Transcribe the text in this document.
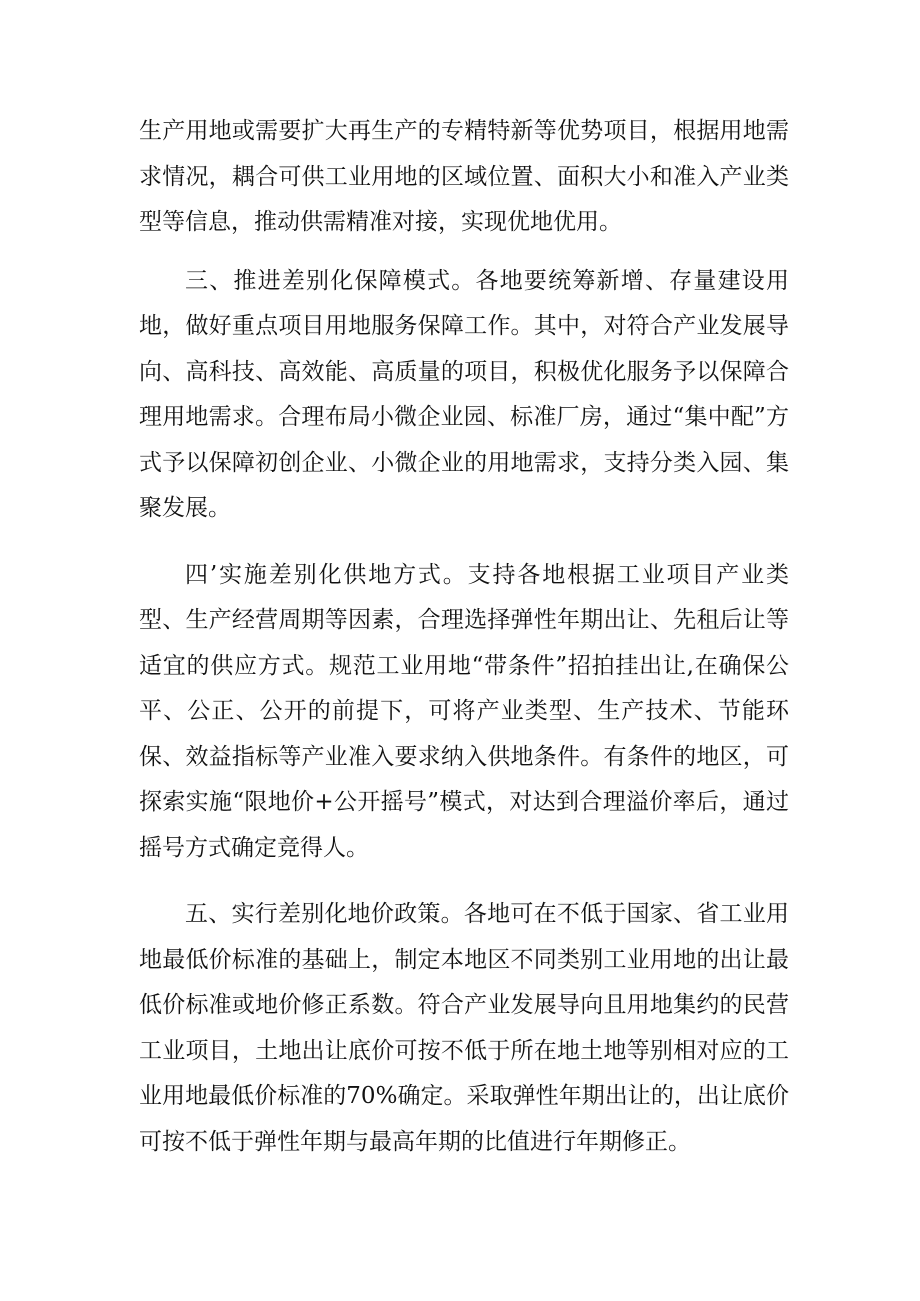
生产用地或需要扩大再生产的专精特新等优势项目，根据用地需求情况，耦合可供工业用地的区域位置、面积大小和准入产业类型等信息，推动供需精准对接，实现优地优用。

三、推进差别化保障模式。各地要统筹新增、存量建设用地，做好重点项目用地服务保障工作。其中，对符合产业发展导向、高科技、高效能、高质量的项目，积极优化服务予以保障合理用地需求。合理布局小微企业园、标准厂房，通过“集中配”方式予以保障初创企业、小微企业的用地需求，支持分类入园、集聚发展。

四’实施差别化供地方式。支持各地根据工业项目产业类型、生产经营周期等因素，合理选择弹性年期出让、先租后让等适宜的供应方式。规范工业用地“带条件”招拍挂出让,在确保公平、公正、公开的前提下，可将产业类型、生产技术、节能环保、效益指标等产业准入要求纳入供地条件。有条件的地区，可探索实施“限地价+公开摇号”模式，对达到合理溢价率后，通过摇号方式确定竞得人。

五、实行差别化地价政策。各地可在不低于国家、省工业用地最低价标准的基础上，制定本地区不同类别工业用地的出让最低价标准或地价修正系数。符合产业发展导向且用地集约的民营工业项目，土地出让底价可按不低于所在地土地等别相对应的工业用地最低价标准的70%确定。采取弹性年期出让的，出让底价可按不低于弹性年期与最高年期的比值进行年期修正。
